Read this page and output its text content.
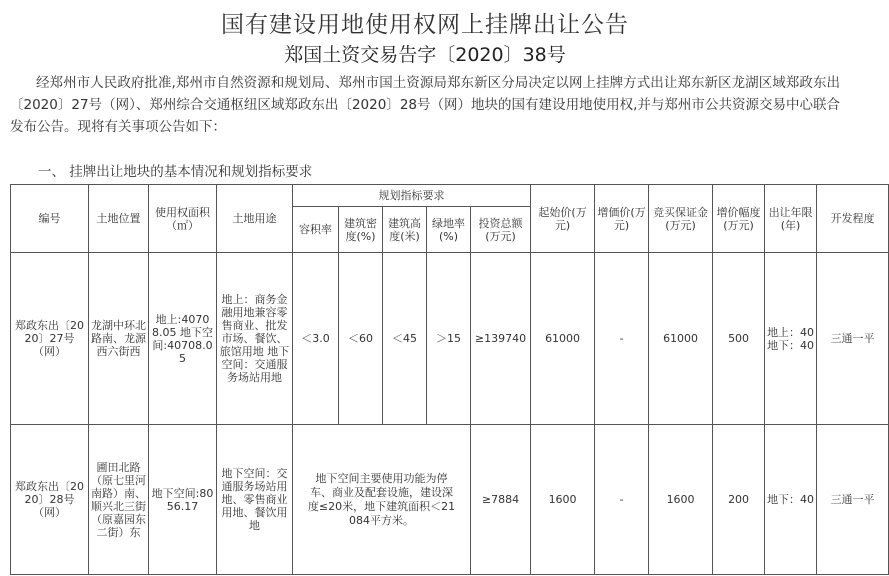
国有建设用地使用权网上挂牌出让公告
郑国土资交易告字〔2020〕38号
经郑州市人民政府批准,郑州市自然资源和规划局、郑州市国土资源局郑东新区分局决定以网上挂牌方式出让郑东新区龙湖区域郑政东出〔2020〕27号（网）、郑州综合交通枢纽区域郑政东出〔2020〕28号（网）地块的国有建设用地使用权,并与郑州市公共资源交易中心联合发布公告。现将有关事项公告如下：
一、 挂牌出让地块的基本情况和规划指标要求
编号	土地位置	使用权面积（㎡）	土地用途	规划指标要求					起始价(万元)	增価价(万元)	竞买保证金(万元)	增价幅度(万元)	出让年限(年)	开发程度
				容积率	建筑密度(%)	建筑高度(米)	绿地率(%)	投资总额(万元)						
郑政东出〔2020〕27号（网）	龙湖中环北路南、龙源西六街西	地上:40708.05 地下空间:40708.05	地上：商务金融用地兼容零售商业、批发市场、餐饮、旅馆用地 地下空间：交通服务场站用地	＜3.0	＜60	＜45	＞15	≥139740	61000	-	61000	500	地上：40 地下：40	三通一平
郑政东出〔2020〕28号（网）	圃田北路（原七里河南路）南、顺兴北三街（原嘉园东二街）东	地下空间:8056.17	地下空间：交通服务场站用地、零售商业用地、餐饮用地	地下空间主要使用功能为停车、商业及配套设施，建设深度≤20米，地下建筑面积＜21084平方米。				≥7884	1600	-	1600	200	地下：40	三通一平
